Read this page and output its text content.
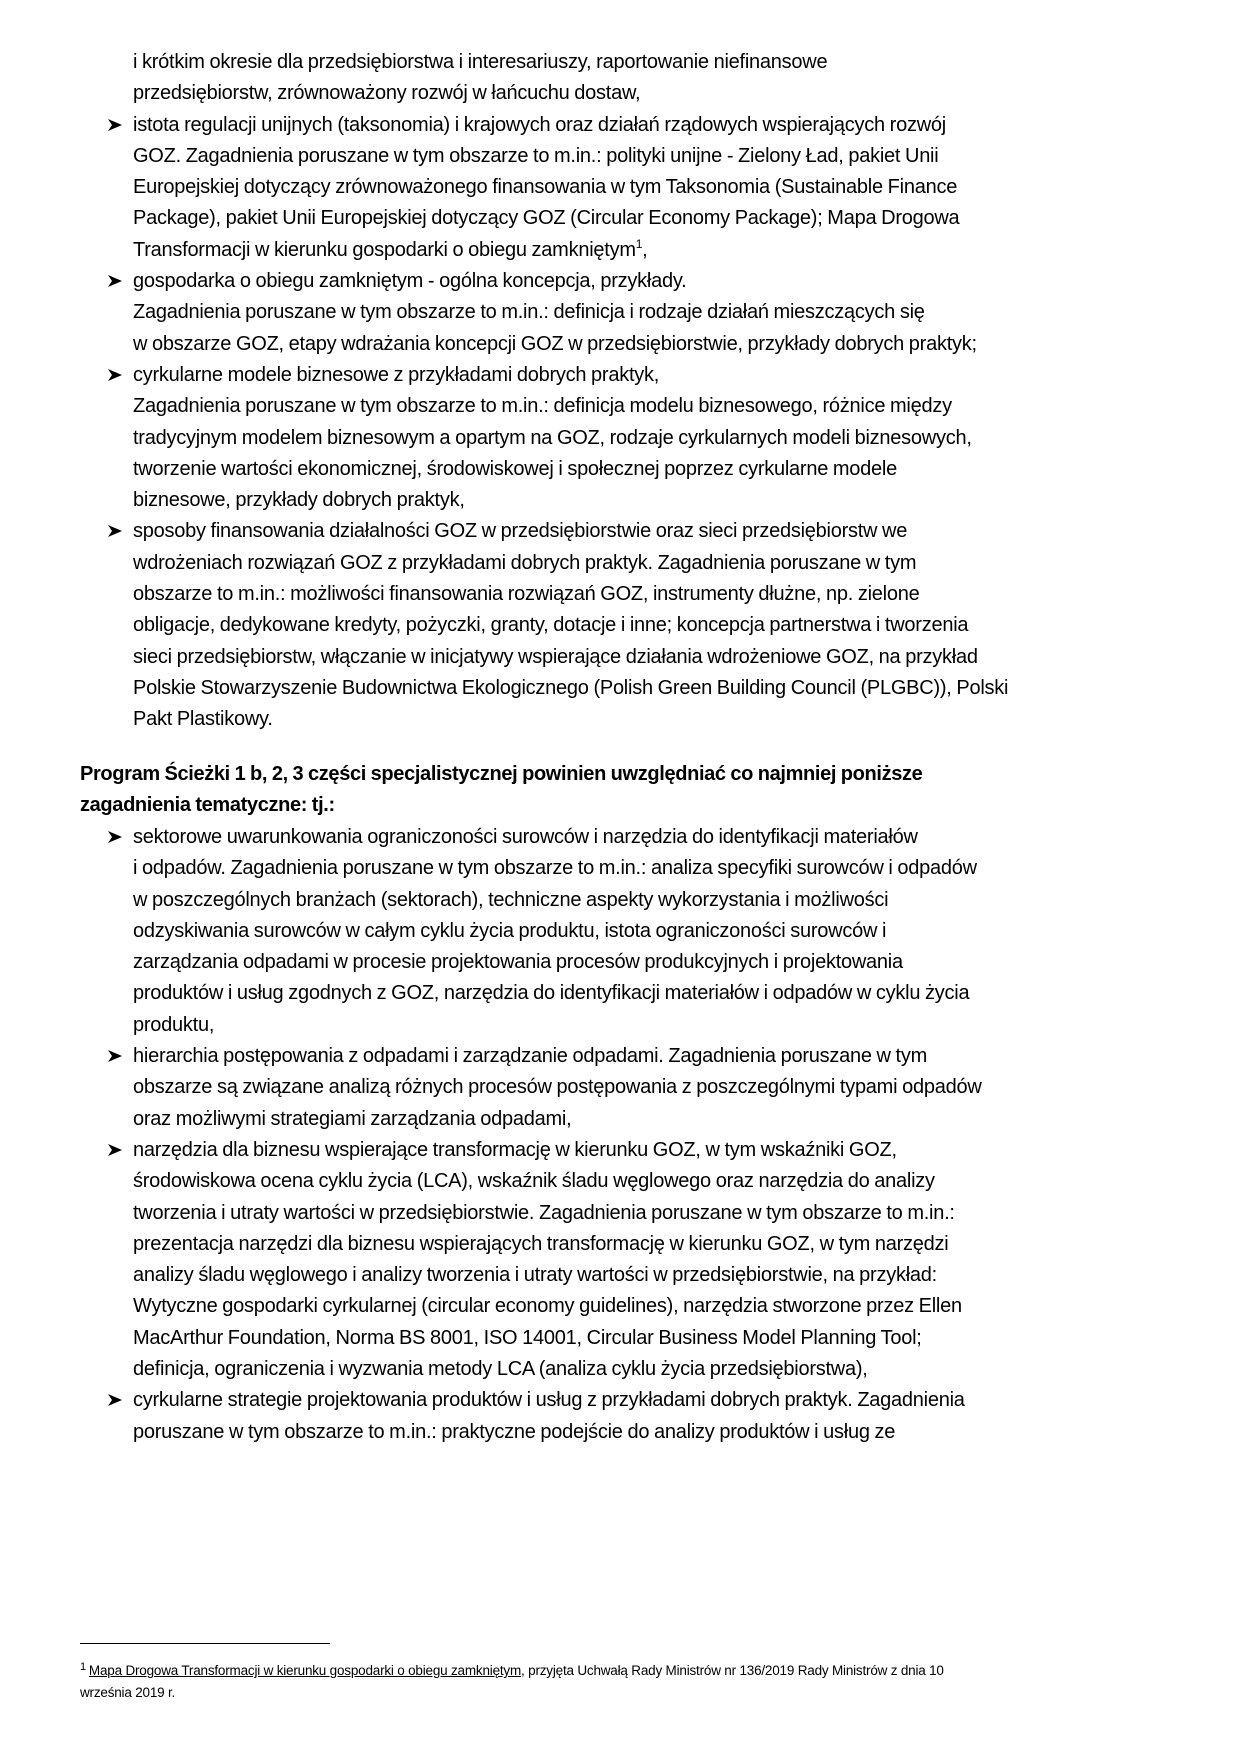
i krótkim okresie dla przedsiębiorstwa i interesariuszy, raportowanie niefinansowe
przedsiębiorstw, zrównoważony rozwój w łańcuchu dostaw,
istota regulacji unijnych (taksonomia) i krajowych oraz działań rządowych wspierających rozwój
GOZ. Zagadnienia poruszane w tym obszarze to m.in.: polityki unijne - Zielony Ład, pakiet Unii
Europejskiej dotyczący zrównoważonego finansowania w tym Taksonomia (Sustainable Finance
Package), pakiet Unii Europejskiej dotyczący GOZ (Circular Economy Package); Mapa Drogowa
Transformacji w kierunku gospodarki o obiegu zamkniętym$^1$,
gospodarka o obiegu zamkniętym - ogólna koncepcja, przykłady.
Zagadnienia poruszane w tym obszarze to m.in.: definicja i rodzaje działań mieszczących się
w obszarze GOZ, etapy wdrażania koncepcji GOZ w przedsiębiorstwie, przykłady dobrych praktyk;
cyrkularne modele biznesowe z przykładami dobrych praktyk,
Zagadnienia poruszane w tym obszarze to m.in.: definicja modelu biznesowego, różnice między
tradycyjnym modelem biznesowym a opartym na GOZ, rodzaje cyrkularnych modeli biznesowych,
tworzenie wartości ekonomicznej, środowiskowej i społecznej poprzez cyrkularne modele
biznesowe, przykłady dobrych praktyk,
sposoby finansowania działalności GOZ w przedsiębiorstwie oraz sieci przedsiębiorstw we
wdrożeniach rozwiązań GOZ z przykładami dobrych praktyk. Zagadnienia poruszane w tym
obszarze to m.in.: możliwości finansowania rozwiązań GOZ, instrumenty dłużne, np. zielone
obligacje, dedykowane kredyty, pożyczki, granty, dotacje i inne; koncepcja partnerstwa i tworzenia
sieci przedsiębiorstw, włączanie w inicjatywy wspierające działania wdrożeniowe GOZ, na przykład
Polskie Stowarzyszenie Budownictwa Ekologicznego (Polish Green Building Council (PLGBC)), Polski
Pakt Plastikowy.
Program Ścieżki 1 b, 2, 3 części specjalistycznej powinien uwzględniać co najmniej poniższe
zagadnienia tematyczne: tj.:
sektorowe uwarunkowania ograniczoności surowców i narzędzia do identyfikacji materiałów
i odpadów. Zagadnienia poruszane w tym obszarze to m.in.: analiza specyfiki surowców i odpadów
w poszczególnych branżach (sektorach), techniczne aspekty wykorzystania i możliwości
odzyskiwania surowców w całym cyklu życia produktu, istota ograniczoności surowców i
zarządzania odpadami w procesie projektowania procesów produkcyjnych i projektowania
produktów i usług zgodnych z GOZ, narzędzia do identyfikacji materiałów i odpadów w cyklu życia
produktu,
hierarchia postępowania z odpadami i zarządzanie odpadami. Zagadnienia poruszane w tym
obszarze są związane analizą różnych procesów postępowania z poszczególnymi typami odpadów
oraz możliwymi strategiami zarządzania odpadami,
narzędzia dla biznesu wspierające transformację w kierunku GOZ, w tym wskaźniki GOZ,
środowiskowa ocena cyklu życia (LCA), wskaźnik śladu węglowego oraz narzędzia do analizy
tworzenia i utraty wartości w przedsiębiorstwie. Zagadnienia poruszane w tym obszarze to m.in.:
prezentacja narzędzi dla biznesu wspierających transformację w kierunku GOZ, w tym narzędzi
analizy śladu węglowego i analizy tworzenia i utraty wartości w przedsiębiorstwie, na przykład:
Wytyczne gospodarki cyrkularnej (circular economy guidelines), narzędzia stworzone przez Ellen
MacArthur Foundation, Norma BS 8001, ISO 14001, Circular Business Model Planning Tool;
definicja, ograniczenia i wyzwania metody LCA (analiza cyklu życia przedsiębiorstwa),
cyrkularne strategie projektowania produktów i usług z przykładami dobrych praktyk. Zagadnienia
poruszane w tym obszarze to m.in.: praktyczne podejście do analizy produktów i usług ze
$^1$ Mapa Drogowa Transformacji w kierunku gospodarki o obiegu zamkniętym, przyjęta Uchwałą Rady Ministrów nr 136/2019 Rady Ministrów z dnia 10
września 2019 r.
